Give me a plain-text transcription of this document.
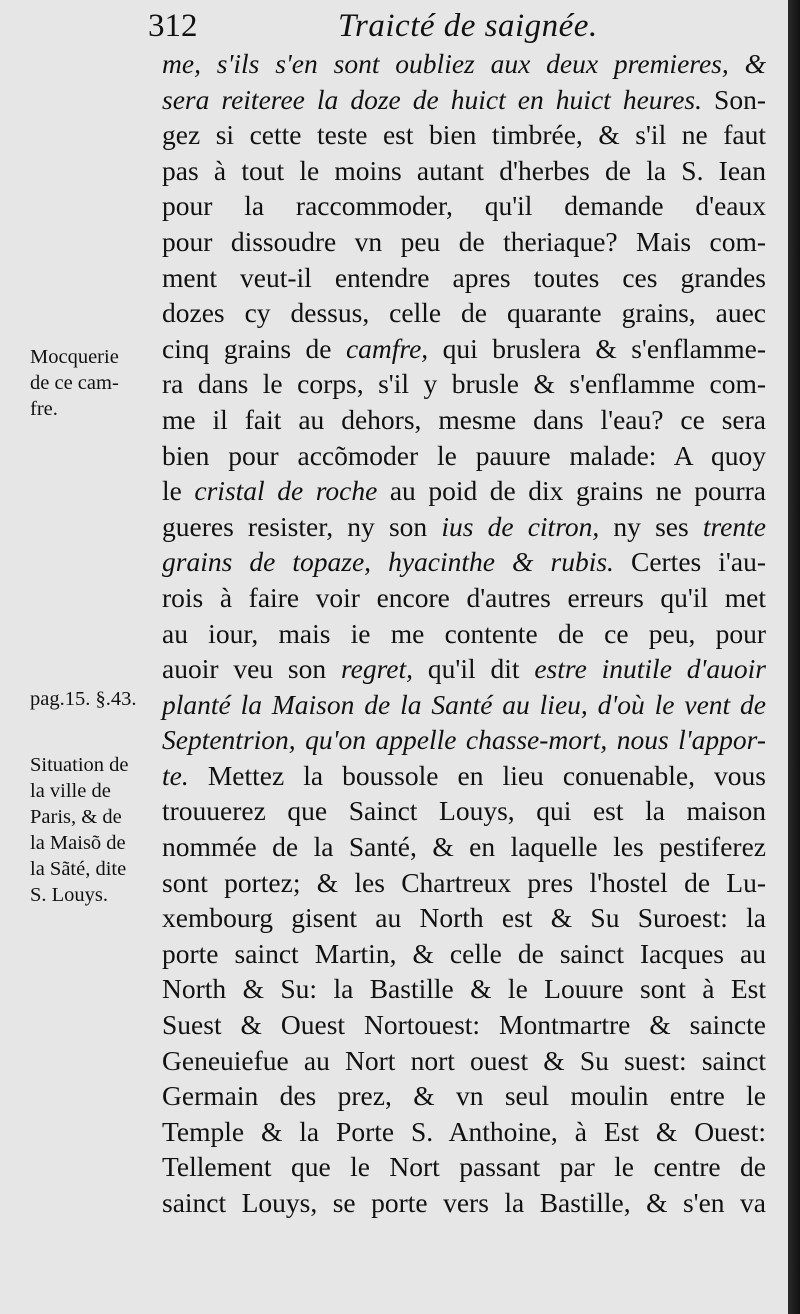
312	Traicté de saignée.
me, s'ils s'en sont oubliez aux deux premieres, &
sera reiteree la doze de huict en huict heures. Son-
gez si cette teste est bien timbrée, & s'il ne faut
pas à tout le moins autant d'herbes de la S. Iean
pour la raccommoder, qu'il demande d'eaux
pour dissoudre vn peu de theriaque? Mais com-
ment veut-il entendre apres toutes ces grandes
dozes cy dessus, celle de quarante grains, auec
cinq grains de camfre, qui bruslera & s'enflamme-
ra dans le corps, s'il y brusle & s'enflamme com-
me il fait au dehors, mesme dans l'eau? ce sera
bien pour accõmoder le pauure malade: A quoy
le cristal de roche au poid de dix grains ne pourra
gueres resister, ny son ius de citron, ny ses trente
grains de topaze, hyacinthe & rubis. Certes i'au-
rois à faire voir encore d'autres erreurs qu'il met
au iour, mais ie me contente de ce peu, pour
auoir veu son regret, qu'il dit estre inutile d'auoir
planté la Maison de la Santé au lieu, d'où le vent de
Septentrion, qu'on appelle chasse-mort, nous l'appor-
te. Mettez la boussole en lieu conuenable, vous
trouuerez que Sainct Louys, qui est la maison
nommée de la Santé, & en laquelle les pestiferez
sont portez; & les Chartreux pres l'hostel de Lu-
xembourg gisent au North est & Su Suroest: la
porte sainct Martin, & celle de sainct Iacques au
North & Su: la Bastille & le Louure sont à Est
Suest & Ouest Nortouest: Montmartre & saincte
Geneuiefue au Nort nort ouest & Su suest: sainct
Germain des prez, & vn seul moulin entre le
Temple & la Porte S. Anthoine, à Est & Ouest:
Tellement que le Nort passant par le centre de
sainct Louys, se porte vers la Bastille, & s'en va
Mocquerie
de ce cam-
fre.
pag.15. §.43.
Situation de
la ville de
Paris, & de
la Maisõ de
la Sãté, dite
S. Louys.
